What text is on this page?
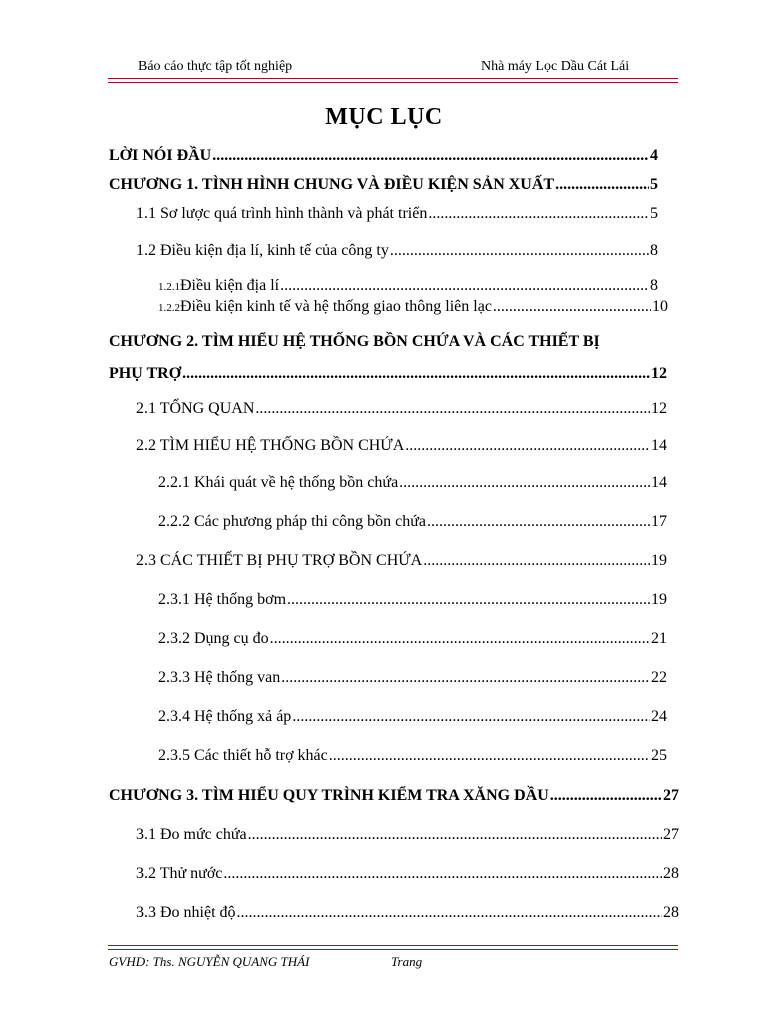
Báo cáo thực tập tốt nghiệp	Nhà máy Lọc Dầu Cát Lái
MỤC LỤC
LỜI NÓI ĐẦU .....	4
CHƯƠNG 1. TÌNH HÌNH CHUNG VÀ ĐIỀU KIỆN SẢN XUẤT .....	5
1.1 Sơ lược quá trình hình thành và phát triển .....	5
1.2 Điều kiện địa lí, kinh tế của công ty .....	8
1.2.1 Điều kiện địa lí .....	8
1.2.2 Điều kiện kinh tế và hệ thống giao thông liên lạc .....	10
CHƯƠNG 2. TÌM HIỂU HỆ THỐNG BỒN CHỨA VÀ CÁC THIẾT BỊ
PHỤ TRỢ .....	12
2.1 TỔNG QUAN .....	12
2.2 TÌM HIỂU HỆ THỐNG BỒN CHỨA .....	14
2.2.1 Khái quát về hệ thống bồn chứa .....	14
2.2.2 Các phương pháp thi công bồn chứa .....	17
2.3 CÁC THIẾT BỊ PHỤ TRỢ BỒN CHỨA .....	19
2.3.1 Hệ thống bơm .....	19
2.3.2 Dụng cụ đo .....	21
2.3.3 Hệ thống van .....	22
2.3.4 Hệ thống xả áp .....	24
2.3.5 Các thiết hỗ trợ khác .....	25
CHƯƠNG 3. TÌM HIỂU QUY TRÌNH KIỂM TRA XĂNG DẦU .....	27
3.1 Đo mức chứa .....	27
3.2 Thử nước .....	28
3.3 Đo nhiệt độ .....	28
GVHD: Ths. NGUYỄN QUANG THÁI	Trang
